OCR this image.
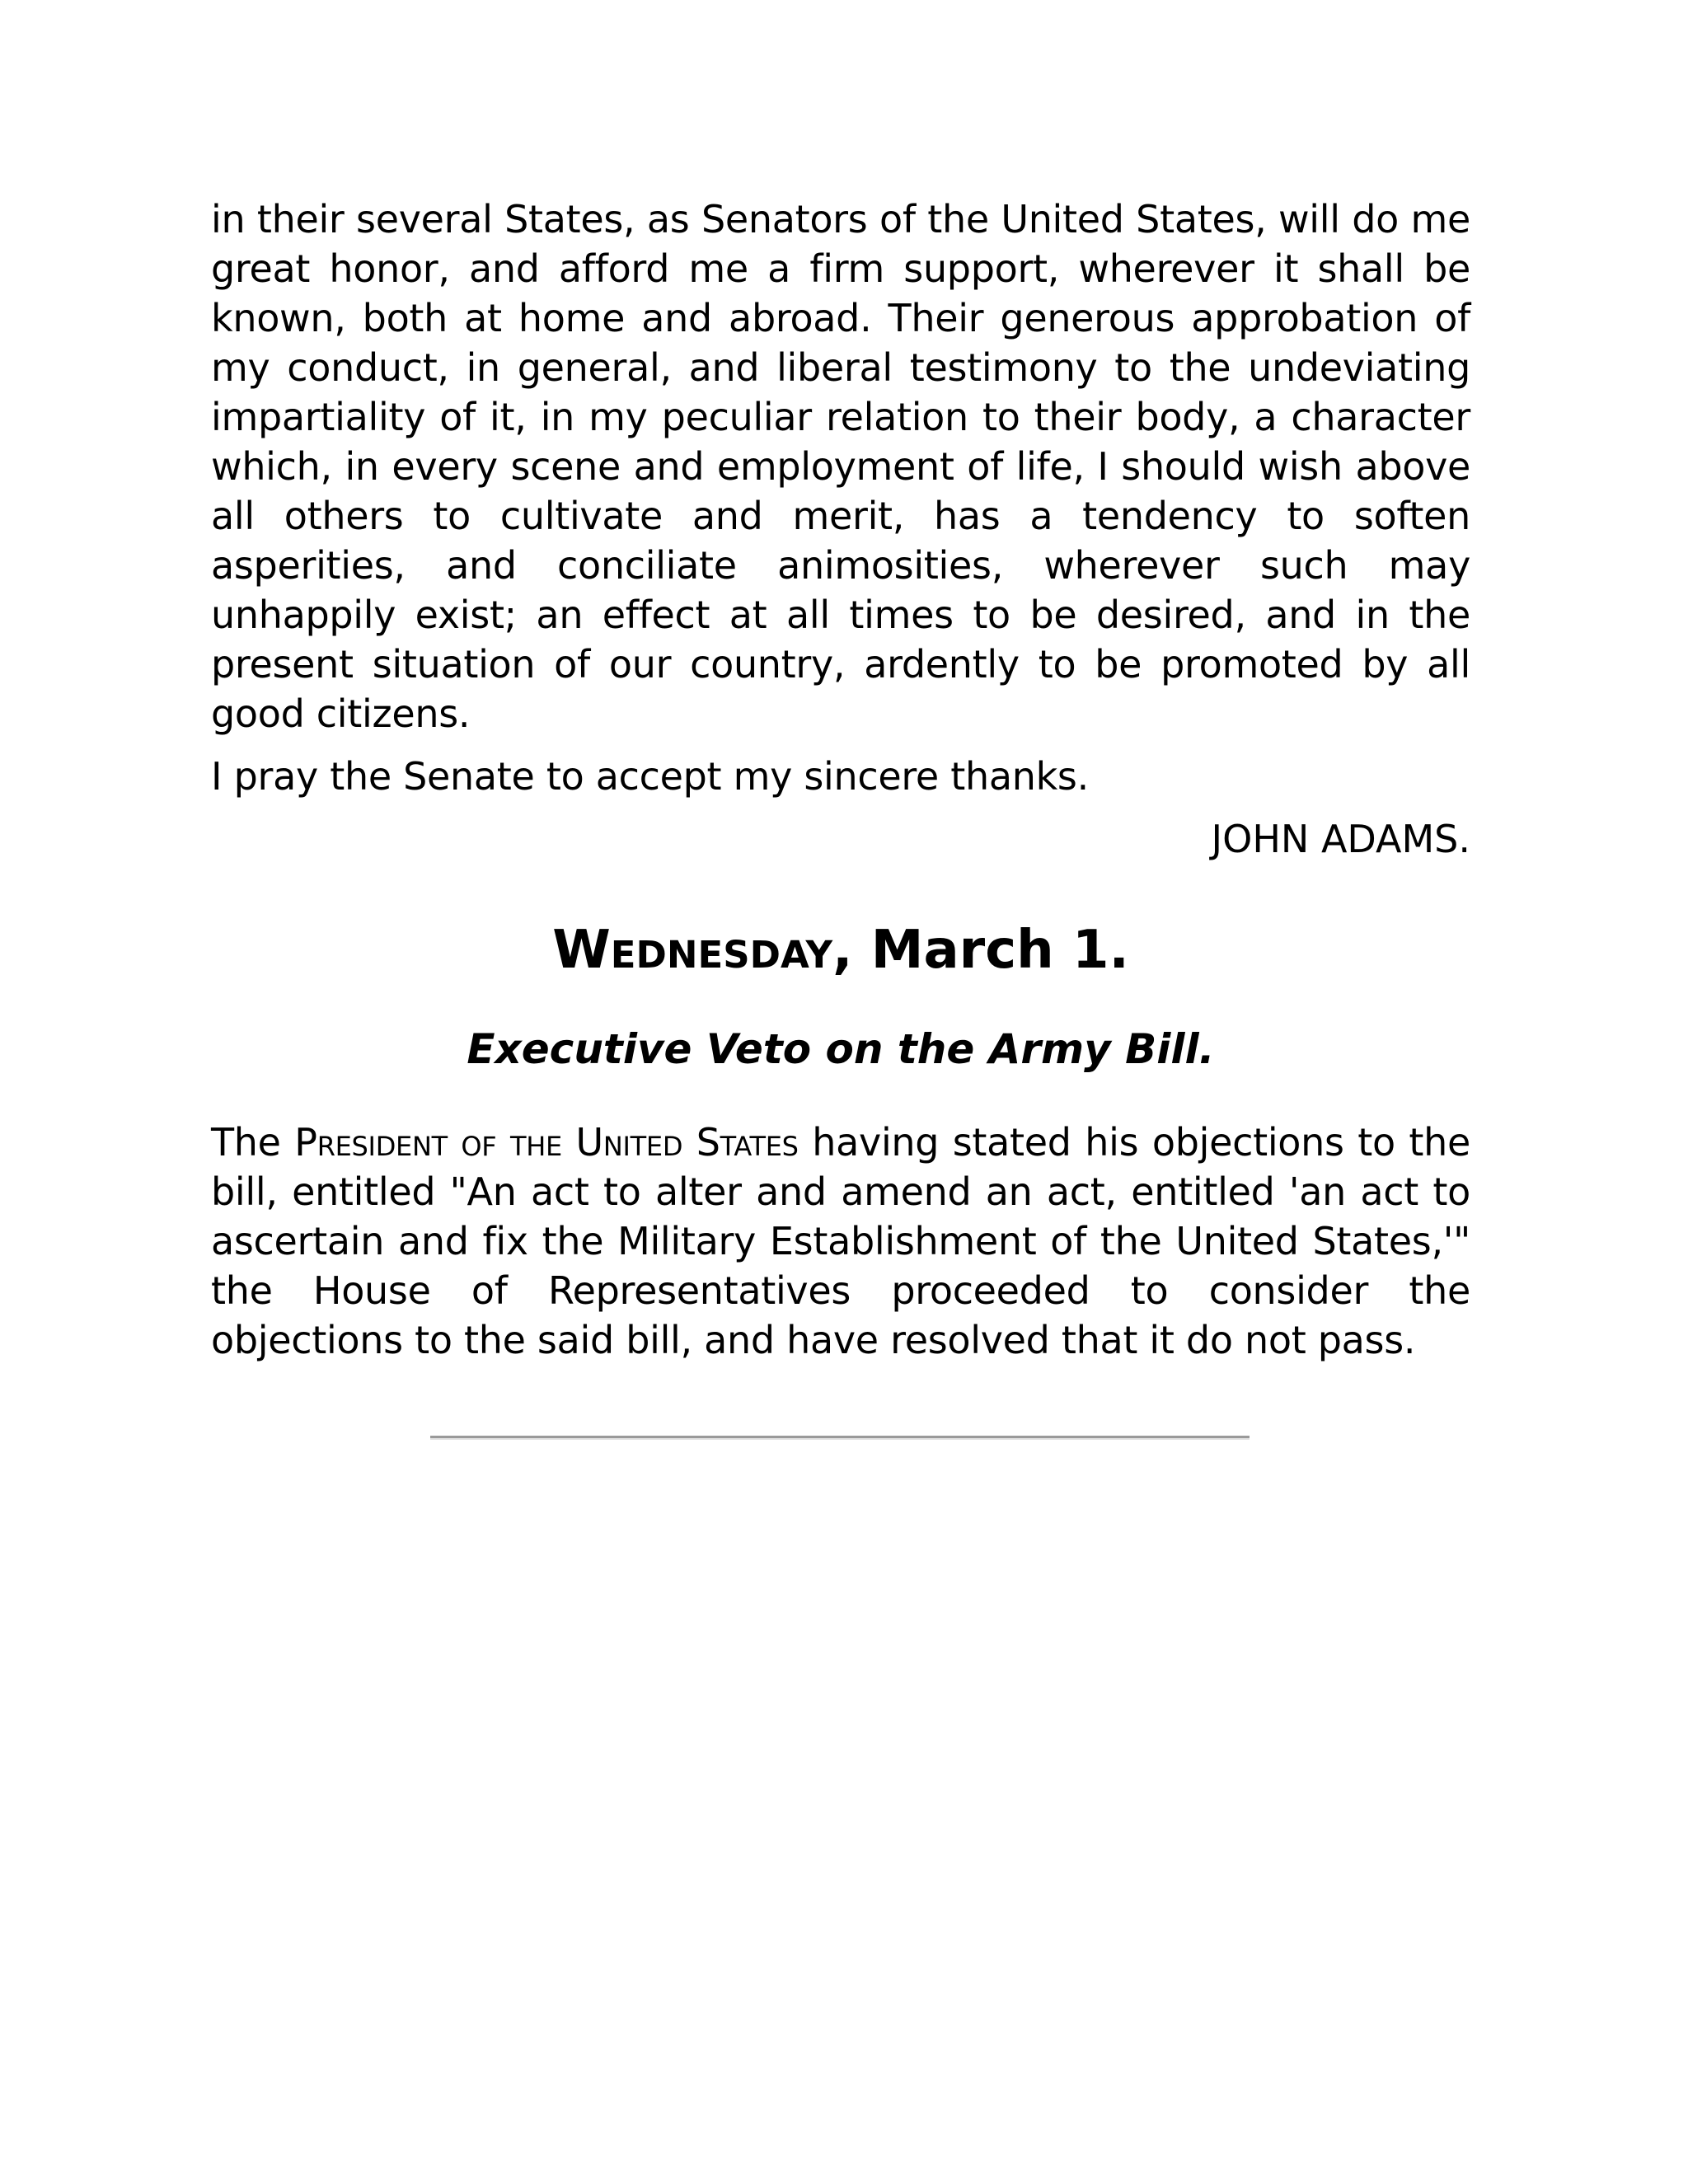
in their several States, as Senators of the United States, will do me great honor, and afford me a firm support, wherever it shall be known, both at home and abroad. Their generous approbation of my conduct, in general, and liberal testimony to the undeviating impartiality of it, in my peculiar relation to their body, a character which, in every scene and employment of life, I should wish above all others to cultivate and merit, has a tendency to soften asperities, and conciliate animosities, wherever such may unhappily exist; an effect at all times to be desired, and in the present situation of our country, ardently to be promoted by all good citizens.

I pray the Senate to accept my sincere thanks.

JOHN ADAMS.

Wednesday, March 1.
Executive Veto on the Army Bill.

The President of the United States having stated his objections to the bill, entitled "An act to alter and amend an act, entitled 'an act to ascertain and fix the Military Establishment of the United States,'" the House of Representatives proceeded to consider the objections to the said bill, and have resolved that it do not pass.
